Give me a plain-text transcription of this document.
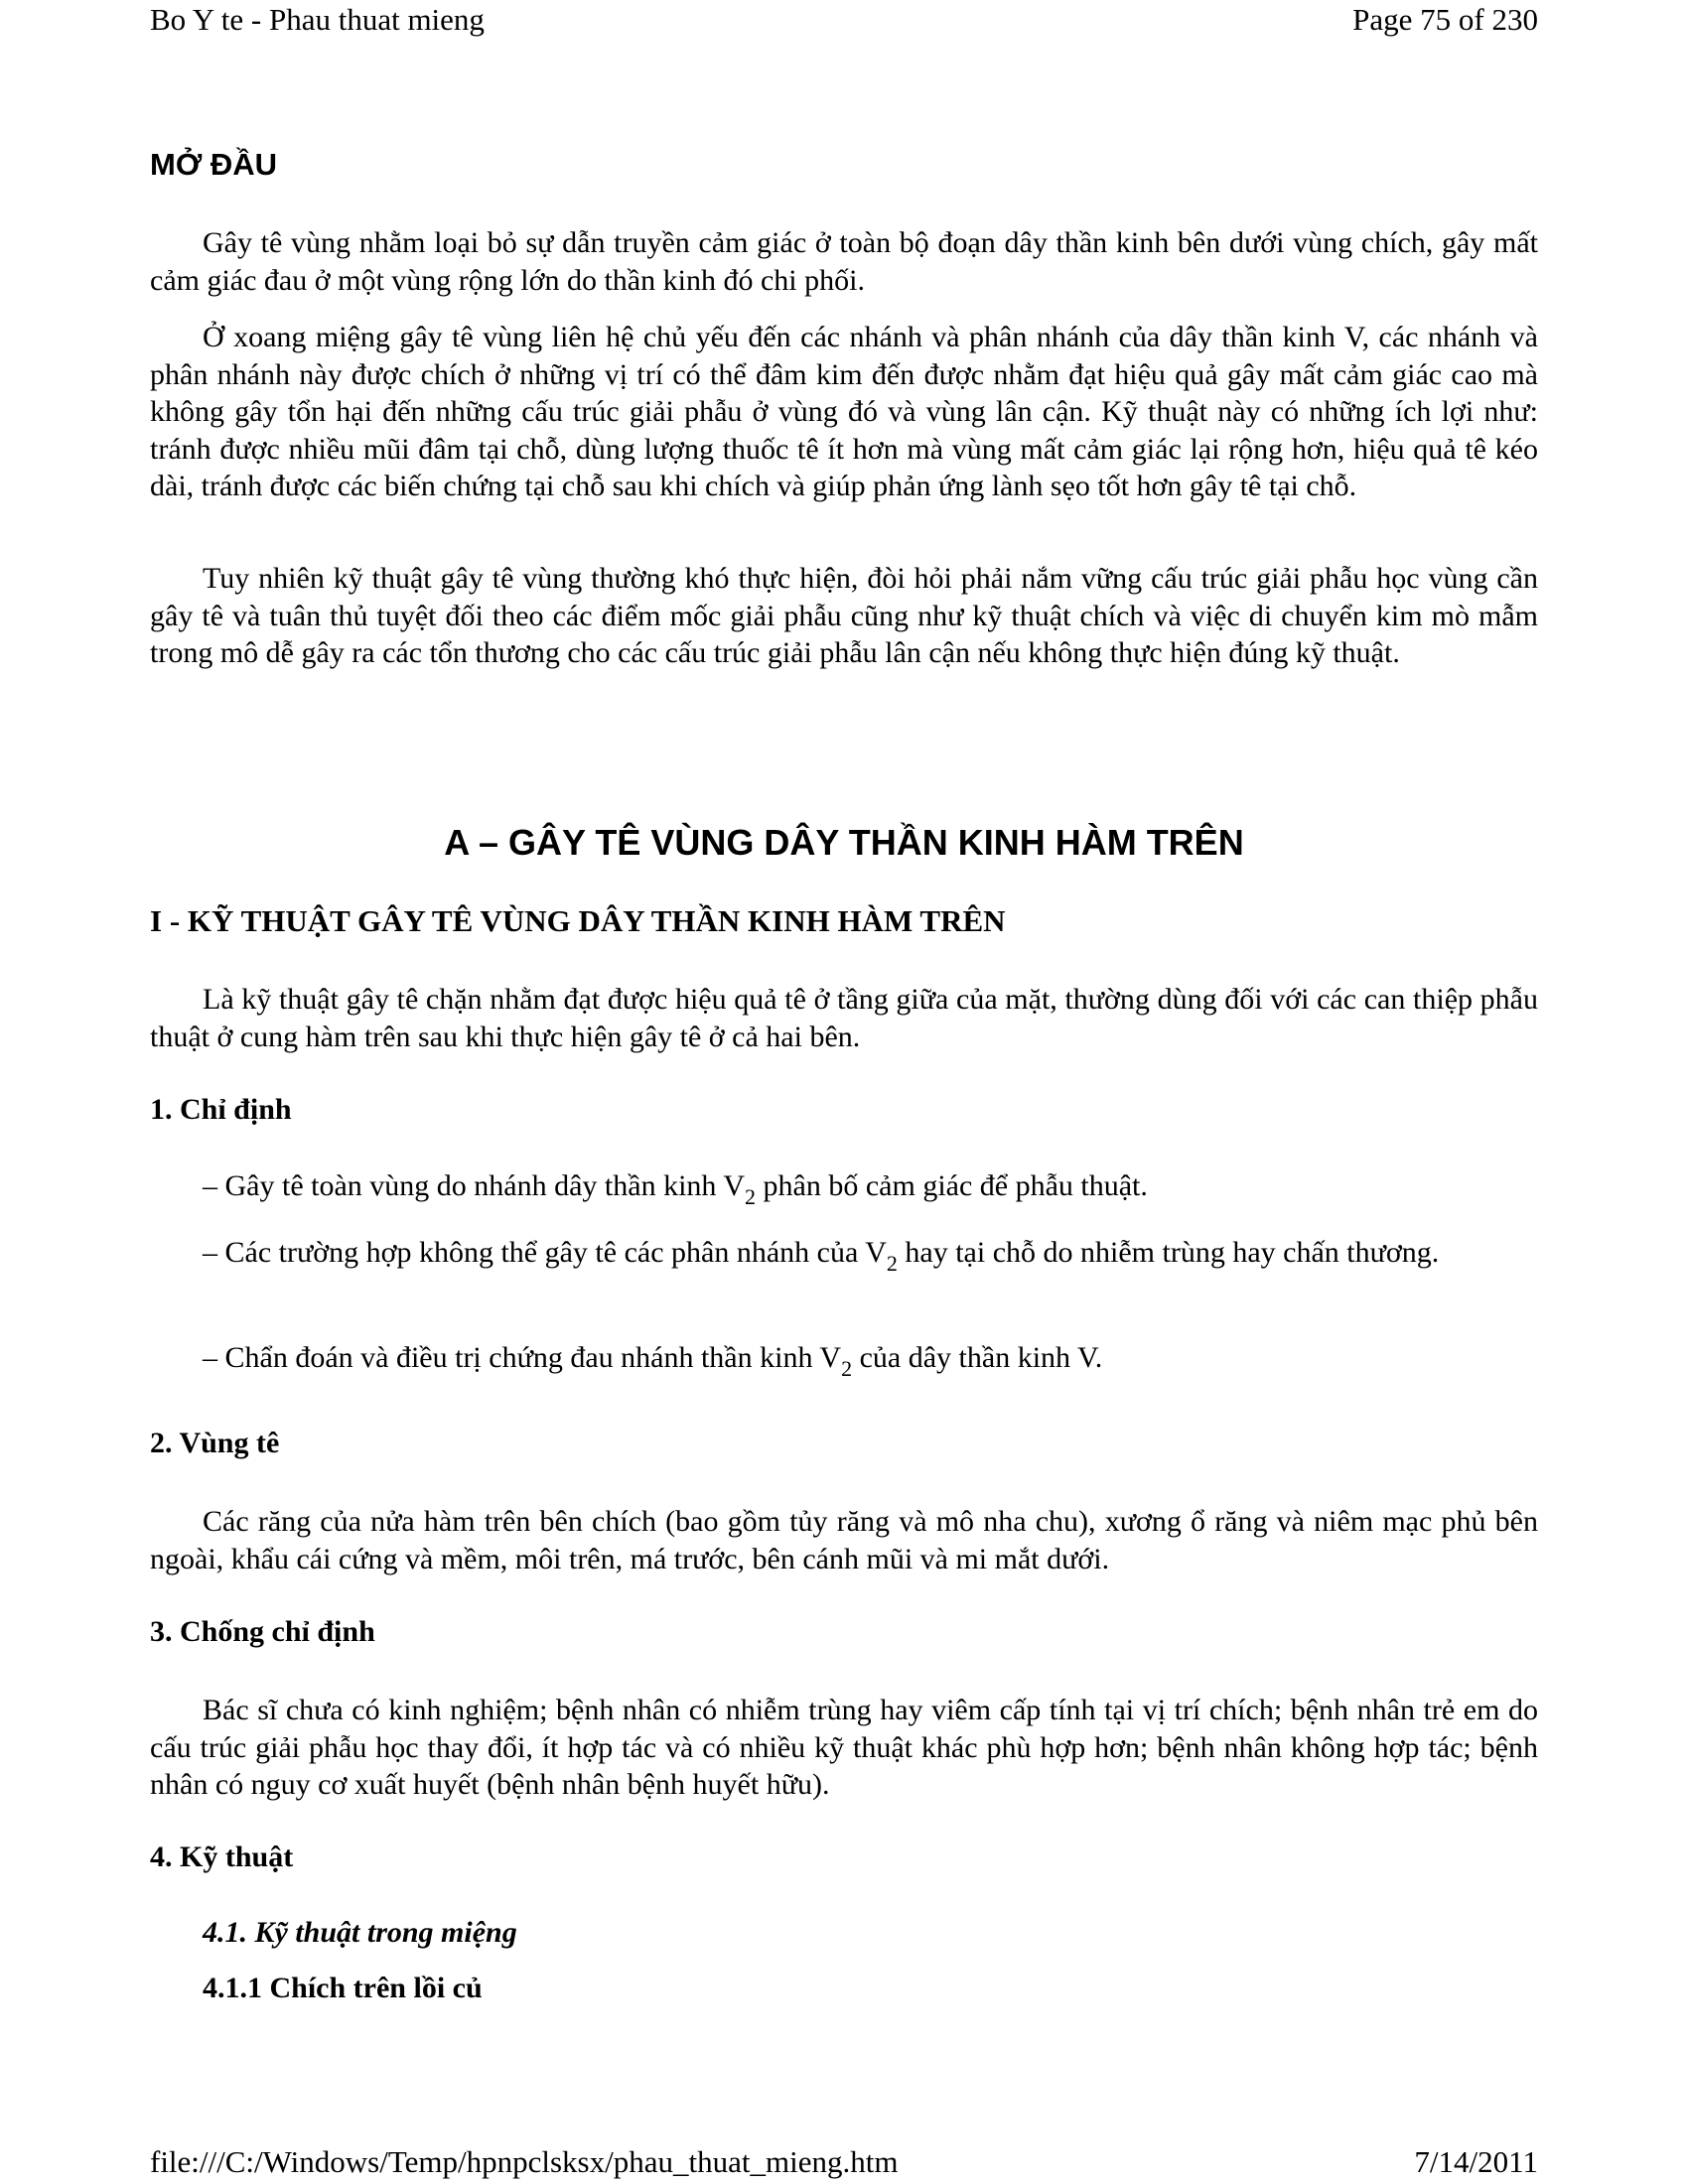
Bo Y te - Phau thuat mieng	Page 75 of 230
MỞ ĐẦU

Gây tê vùng nhằm loại bỏ sự dẫn truyền cảm giác ở toàn bộ đoạn dây thần kinh bên dưới vùng chích, gây mất cảm giác đau ở một vùng rộng lớn do thần kinh đó chi phối.

Ở xoang miệng gây tê vùng liên hệ chủ yếu đến các nhánh và phân nhánh của dây thần kinh V, các nhánh và phân nhánh này được chích ở những vị trí có thể đâm kim đến được nhằm đạt hiệu quả gây mất cảm giác cao mà không gây tổn hại đến những cấu trúc giải phẫu ở vùng đó và vùng lân cận. Kỹ thuật này có những ích lợi như: tránh được nhiều mũi đâm tại chỗ, dùng lượng thuốc tê ít hơn mà vùng mất cảm giác lại rộng hơn, hiệu quả tê kéo dài, tránh được các biến chứng tại chỗ sau khi chích và giúp phản ứng lành sẹo tốt hơn gây tê tại chỗ.

Tuy nhiên kỹ thuật gây tê vùng thường khó thực hiện, đòi hỏi phải nắm vững cấu trúc giải phẫu học vùng cần gây tê và tuân thủ tuyệt đối theo các điểm mốc giải phẫu cũng như kỹ thuật chích và việc di chuyển kim mò mẫm trong mô dễ gây ra các tổn thương cho các cấu trúc giải phẫu lân cận nếu không thực hiện đúng kỹ thuật.

A – GÂY TÊ VÙNG DÂY THẦN KINH HÀM TRÊN
I - KỸ THUẬT GÂY TÊ VÙNG DÂY THẦN KINH HÀM TRÊN

Là kỹ thuật gây tê chặn nhằm đạt được hiệu quả tê ở tầng giữa của mặt, thường dùng đối với các can thiệp phẫu thuật ở cung hàm trên sau khi thực hiện gây tê ở cả hai bên.

1. Chỉ định

– Gây tê toàn vùng do nhánh dây thần kinh $V_2$ phân bố cảm giác để phẫu thuật.

– Các trường hợp không thể gây tê các phân nhánh của $V_2$ hay tại chỗ do nhiễm trùng hay chấn thương.

– Chẩn đoán và điều trị chứng đau nhánh thần kinh $V_2$ của dây thần kinh V.

2. Vùng tê

Các răng của nửa hàm trên bên chích (bao gồm tủy răng và mô nha chu), xương ổ răng và niêm mạc phủ bên ngoài, khẩu cái cứng và mềm, môi trên, má trước, bên cánh mũi và mi mắt dưới.

3. Chống chỉ định

Bác sĩ chưa có kinh nghiệm; bệnh nhân có nhiễm trùng hay viêm cấp tính tại vị trí chích; bệnh nhân trẻ em do cấu trúc giải phẫu học thay đổi, ít hợp tác và có nhiều kỹ thuật khác phù hợp hơn; bệnh nhân không hợp tác; bệnh nhân có nguy cơ xuất huyết (bệnh nhân bệnh huyết hữu).

4. Kỹ thuật
4.1. Kỹ thuật trong miệng
4.1.1 Chích trên lồi củ
file:///C:/Windows/Temp/hpnpclsksx/phau_thuat_mieng.htm	7/14/2011
